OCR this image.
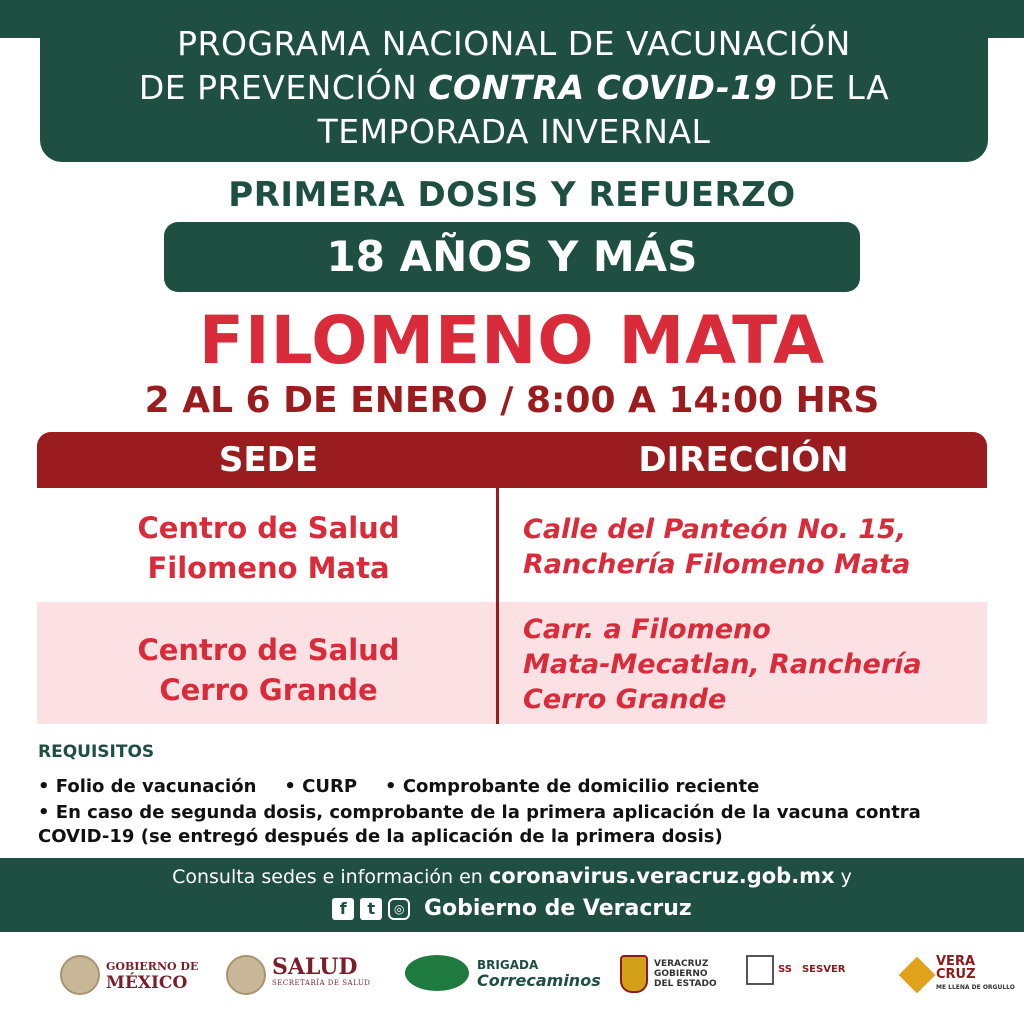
PROGRAMA NACIONAL DE VACUNACIÓN
DE PREVENCIÓN CONTRA COVID-19 DE LA
TEMPORADA INVERNAL
PRIMERA DOSIS Y REFUERZO
18 AÑOS Y MÁS
FILOMENO MATA
2 AL 6 DE ENERO / 8:00 A 14:00 HRS
SEDE	DIRECCIÓN
Centro de Salud
Filomeno Mata
Calle del Panteón No. 15,
Ranchería Filomeno Mata
Centro de Salud
Cerro Grande
Carr. a Filomeno
Mata-Mecatlan, Ranchería
Cerro Grande
REQUISITOS
• Folio de vacunación • CURP • Comprobante de domicilio reciente
• En caso de segunda dosis, comprobante de la primera aplicación de la vacuna contra
COVID-19 (se entregó después de la aplicación de la primera dosis)
Consulta sedes e información en coronavirus.veracruz.gob.mx y
f t ◎ Gobierno de Veracruz
GOBIERNO DE
MÉXICO
SALUD
SECRETARÍA DE SALUD
BRIGADA
Correcaminos
VERACRUZ
GOBIERNO
DEL ESTADO
SS SESVER
VERA
CRUZ
ME LLENA DE ORGULLO
